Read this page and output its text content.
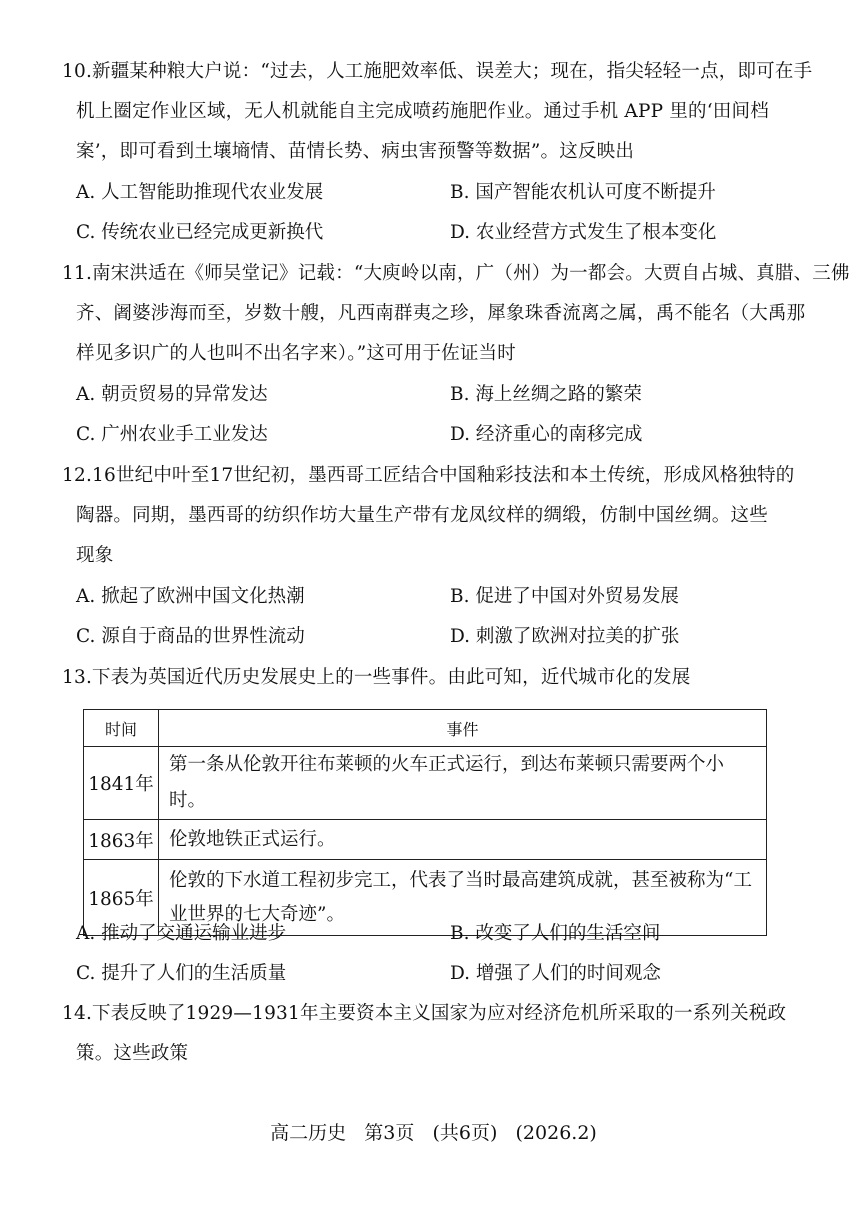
10.新疆某种粮大户说：“过去，人工施肥效率低、误差大；现在，指尖轻轻一点，即可在手
机上圈定作业区域，无人机就能自主完成喷药施肥作业。通过手机 APP 里的‘田间档
案’，即可看到土壤墒情、苗情长势、病虫害预警等数据”。这反映出
A. 人工智能助推现代农业发展	B. 国产智能农机认可度不断提升
C. 传统农业已经完成更新换代	D. 农业经营方式发生了根本变化
11.南宋洪适在《师吴堂记》记载：“大庾岭以南，广（州）为一都会。大贾自占城、真腊、三佛
齐、阇婆涉海而至，岁数十艘，凡西南群夷之珍，犀象珠香流离之属，禹不能名（大禹那
样见多识广的人也叫不出名字来）。”这可用于佐证当时
A. 朝贡贸易的异常发达	B. 海上丝绸之路的繁荣
C. 广州农业手工业发达	D. 经济重心的南移完成
12.16世纪中叶至17世纪初，墨西哥工匠结合中国釉彩技法和本土传统，形成风格独特的
陶器。同期，墨西哥的纺织作坊大量生产带有龙凤纹样的绸缎，仿制中国丝绸。这些
现象
A. 掀起了欧洲中国文化热潮	B. 促进了中国对外贸易发展
C. 源自于商品的世界性流动	D. 刺激了欧洲对拉美的扩张
13.下表为英国近代历史发展史上的一些事件。由此可知，近代城市化的发展
时间	事件
1841年	第一条从伦敦开往布莱顿的火车正式运行，到达布莱顿只需要两个小时。
1863年	伦敦地铁正式运行。
1865年	伦敦的下水道工程初步完工，代表了当时最高建筑成就，甚至被称为“工
业世界的七大奇迹”。
A. 推动了交通运输业进步	B. 改变了人们的生活空间
C. 提升了人们的生活质量	D. 增强了人们的时间观念
14.下表反映了1929—1931年主要资本主义国家为应对经济危机所采取的一系列关税政
策。这些政策
高二历史   第3页   (共6页)   (2026.2)
